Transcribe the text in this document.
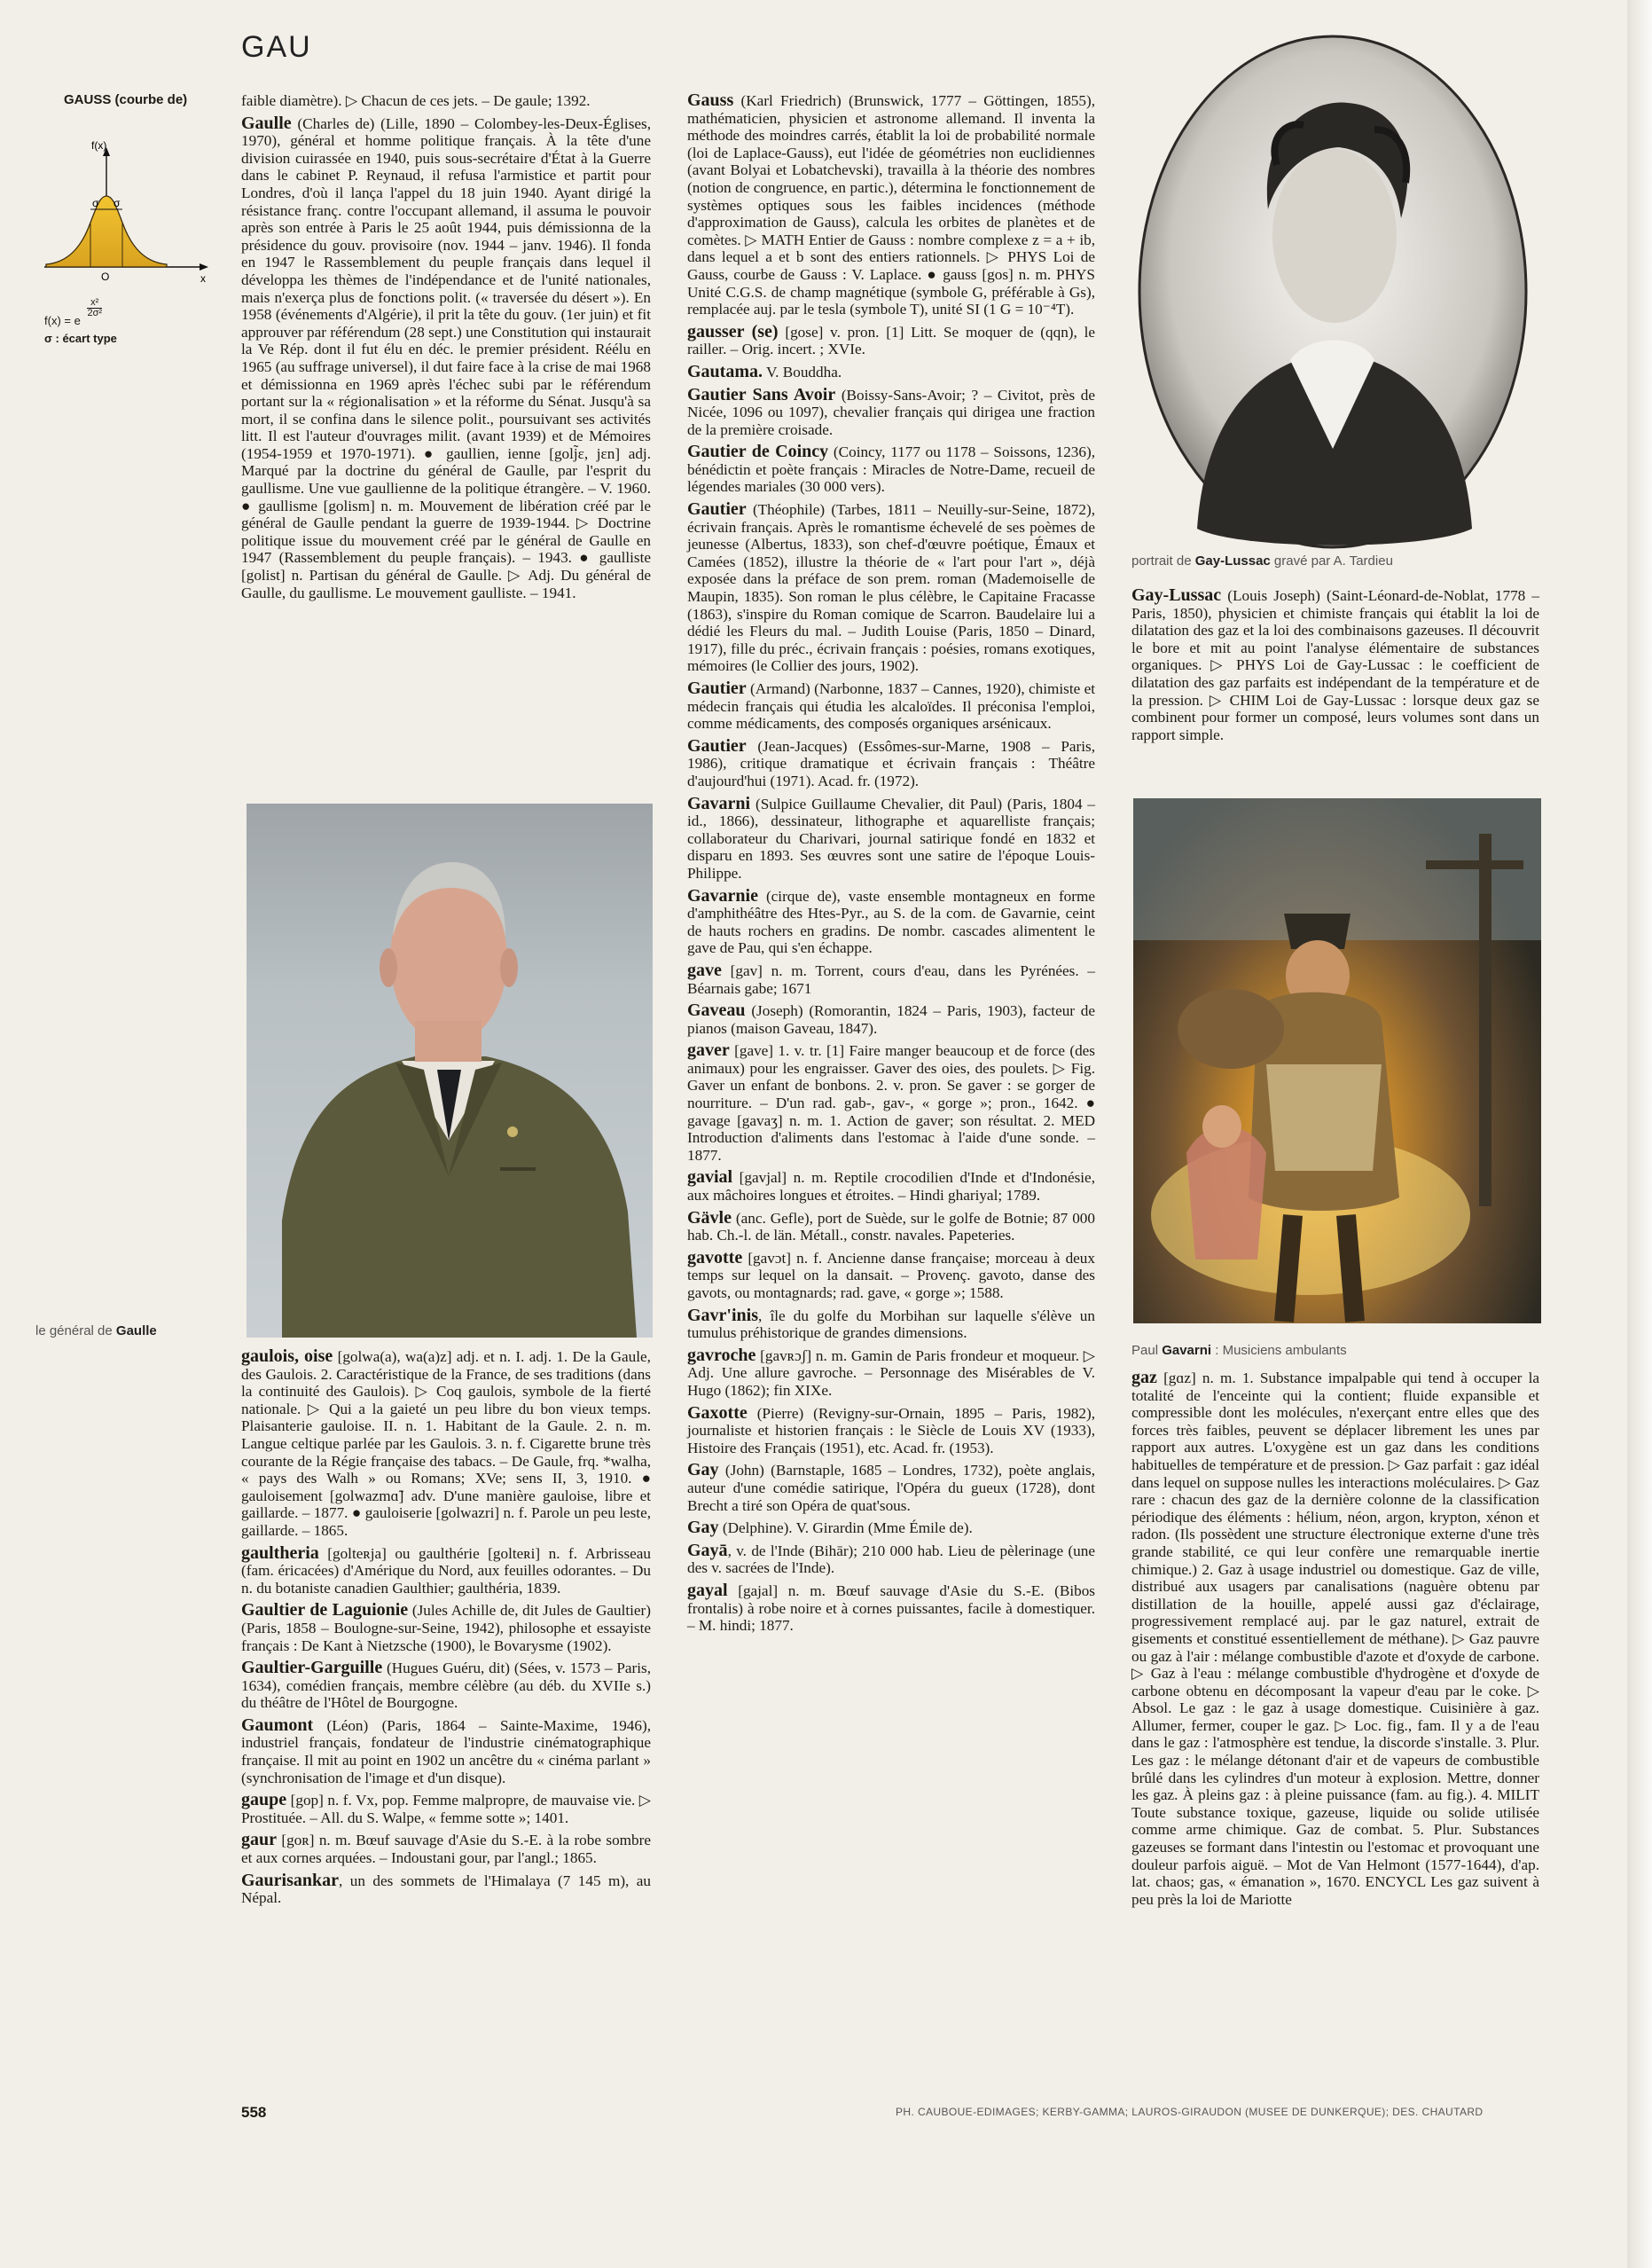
GAU
GAUSS (courbe de)
σ σ
f(x)
x
O
f(x) = e
$\frac{\text{x²}}{\text{2σ²}}$
σ : écart type

faible diamètre). ▷ Chacun de ces jets. – De gaule; 1392.

Gaulle (Charles de) (Lille, 1890 – Colombey-les-Deux-Églises, 1970), général et homme politique français. À la tête d'une division cuirassée en 1940, puis sous-secrétaire d'État à la Guerre dans le cabinet P. Reynaud, il refusa l'armistice et partit pour Londres, d'où il lança l'appel du 18 juin 1940. Ayant dirigé la résistance franç. contre l'occupant allemand, il assuma le pouvoir après son entrée à Paris le 25 août 1944, puis démissionna de la présidence du gouv. provisoire (nov. 1944 – janv. 1946). Il fonda en 1947 le Rassemblement du peuple français dans lequel il développa les thèmes de l'indépendance et de l'unité nationales, mais n'exerça plus de fonctions polit. (« traversée du désert »). En 1958 (événements d'Algérie), il prit la tête du gouv. (1er juin) et fit approuver par référendum (28 sept.) une Constitution qui instaurait la Ve Rép. dont il fut élu en déc. le premier président. Réélu en 1965 (au suffrage universel), il dut faire face à la crise de mai 1968 et démissionna en 1969 après l'échec subi par le référendum portant sur la « régionalisation » et la réforme du Sénat. Jusqu'à sa mort, il se confina dans le silence polit., poursuivant ses activités litt. Il est l'auteur d'ouvrages milit. (avant 1939) et de Mémoires (1954-1959 et 1970-1971). ● gaullien, ienne [golj̃ɛ, jɛn] adj. Marqué par la doctrine du général de Gaulle, par l'esprit du gaullisme. Une vue gaullienne de la politique étrangère. – V. 1960. ● gaullisme [golism] n. m. Mouvement de libération créé par le général de Gaulle pendant la guerre de 1939-1944. ▷ Doctrine politique issue du mouvement créé par le général de Gaulle en 1947 (Rassemblement du peuple français). – 1943. ● gaulliste [golist] n. Partisan du général de Gaulle. ▷ Adj. Du général de Gaulle, du gaullisme. Le mouvement gaulliste. – 1941.

le général de Gaulle

gaulois, oise [golwa(a), wa(a)z] adj. et n. I. adj. 1. De la Gaule, des Gaulois. 2. Caractéristique de la France, de ses traditions (dans la continuité des Gaulois). ▷ Coq gaulois, symbole de la fierté nationale. ▷ Qui a la gaieté un peu libre du bon vieux temps. Plaisanterie gauloise. II. n. 1. Habitant de la Gaule. 2. n. m. Langue celtique parlée par les Gaulois. 3. n. f. Cigarette brune très courante de la Régie française des tabacs. – De Gaule, frq. *walha, « pays des Walh » ou Romans; XVe; sens II, 3, 1910. ● gauloisement [golwazmɑ̃] adv. D'une manière gauloise, libre et gaillarde. – 1877. ● gauloiserie [golwazri] n. f. Parole un peu leste, gaillarde. – 1865.

gaultheria [golteʀja] ou gaulthérie [golteʀi] n. f. Arbrisseau (fam. éricacées) d'Amérique du Nord, aux feuilles odorantes. – Du n. du botaniste canadien Gaulthier; gaulthéria, 1839.

Gaultier de Laguionie (Jules Achille de, dit Jules de Gaultier) (Paris, 1858 – Boulogne-sur-Seine, 1942), philosophe et essayiste français : De Kant à Nietzsche (1900), le Bovarysme (1902).

Gaultier-Garguille (Hugues Guéru, dit) (Sées, v. 1573 – Paris, 1634), comédien français, membre célèbre (au déb. du XVIIe s.) du théâtre de l'Hôtel de Bourgogne.

Gaumont (Léon) (Paris, 1864 – Sainte-Maxime, 1946), industriel français, fondateur de l'industrie cinématographique française. Il mit au point en 1902 un ancêtre du « cinéma parlant » (synchronisation de l'image et d'un disque).

gaupe [gop] n. f. Vx, pop. Femme malpropre, de mauvaise vie. ▷ Prostituée. – All. du S. Walpe, « femme sotte »; 1401.

gaur [goʀ] n. m. Bœuf sauvage d'Asie du S.-E. à la robe sombre et aux cornes arquées. – Indoustani gour, par l'angl.; 1865.

Gaurisankar, un des sommets de l'Himalaya (7 145 m), au Népal.

Gauss (Karl Friedrich) (Brunswick, 1777 – Göttingen, 1855), mathématicien, physicien et astronome allemand. Il inventa la méthode des moindres carrés, établit la loi de probabilité normale (loi de Laplace-Gauss), eut l'idée de géométries non euclidiennes (avant Bolyai et Lobatchevski), travailla à la théorie des nombres (notion de congruence, en partic.), détermina le fonctionnement de systèmes optiques sous les faibles incidences (méthode d'approximation de Gauss), calcula les orbites de planètes et de comètes. ▷ MATH Entier de Gauss : nombre complexe z = a + ib, dans lequel a et b sont des entiers rationnels. ▷ PHYS Loi de Gauss, courbe de Gauss : V. Laplace. ● gauss [gos] n. m. PHYS Unité C.G.S. de champ magnétique (symbole G, préférable à Gs), remplacée auj. par le tesla (symbole T), unité SI (1 G = 10⁻⁴T).

gausser (se) [gose] v. pron. [1] Litt. Se moquer de (qqn), le railler. – Orig. incert. ; XVIe.

Gautama. V. Bouddha.

Gautier Sans Avoir (Boissy-Sans-Avoir; ? – Civitot, près de Nicée, 1096 ou 1097), chevalier français qui dirigea une fraction de la première croisade.

Gautier de Coincy (Coincy, 1177 ou 1178 – Soissons, 1236), bénédictin et poète français : Miracles de Notre-Dame, recueil de légendes mariales (30 000 vers).

Gautier (Théophile) (Tarbes, 1811 – Neuilly-sur-Seine, 1872), écrivain français. Après le romantisme échevelé de ses poèmes de jeunesse (Albertus, 1833), son chef-d'œuvre poétique, Émaux et Camées (1852), illustre la théorie de « l'art pour l'art », déjà exposée dans la préface de son prem. roman (Mademoiselle de Maupin, 1835). Son roman le plus célèbre, le Capitaine Fracasse (1863), s'inspire du Roman comique de Scarron. Baudelaire lui a dédié les Fleurs du mal. – Judith Louise (Paris, 1850 – Dinard, 1917), fille du préc., écrivain français : poésies, romans exotiques, mémoires (le Collier des jours, 1902).

Gautier (Armand) (Narbonne, 1837 – Cannes, 1920), chimiste et médecin français qui étudia les alcaloïdes. Il préconisa l'emploi, comme médicaments, des composés organiques arsénicaux.

Gautier (Jean-Jacques) (Essômes-sur-Marne, 1908 – Paris, 1986), critique dramatique et écrivain français : Théâtre d'aujourd'hui (1971). Acad. fr. (1972).

Gavarni (Sulpice Guillaume Chevalier, dit Paul) (Paris, 1804 – id., 1866), dessinateur, lithographe et aquarelliste français; collaborateur du Charivari, journal satirique fondé en 1832 et disparu en 1893. Ses œuvres sont une satire de l'époque Louis-Philippe.

Gavarnie (cirque de), vaste ensemble montagneux en forme d'amphithéâtre des Htes-Pyr., au S. de la com. de Gavarnie, ceint de hauts rochers en gradins. De nombr. cascades alimentent le gave de Pau, qui s'en échappe.

gave [gav] n. m. Torrent, cours d'eau, dans les Pyrénées. – Béarnais gabe; 1671

Gaveau (Joseph) (Romorantin, 1824 – Paris, 1903), facteur de pianos (maison Gaveau, 1847).

gaver [gave] 1. v. tr. [1] Faire manger beaucoup et de force (des animaux) pour les engraisser. Gaver des oies, des poulets. ▷ Fig. Gaver un enfant de bonbons. 2. v. pron. Se gaver : se gorger de nourriture. – D'un rad. gab-, gav-, « gorge »; pron., 1642. ● gavage [gavaʒ] n. m. 1. Action de gaver; son résultat. 2. MED Introduction d'aliments dans l'estomac à l'aide d'une sonde. – 1877.

gavial [gavjal] n. m. Reptile crocodilien d'Inde et d'Indonésie, aux mâchoires longues et étroites. – Hindi ghariyal; 1789.

Gävle (anc. Gefle), port de Suède, sur le golfe de Botnie; 87 000 hab. Ch.-l. de län. Métall., constr. navales. Papeteries.

gavotte [gavɔt] n. f. Ancienne danse française; morceau à deux temps sur lequel on la dansait. – Provenç. gavoto, danse des gavots, ou montagnards; rad. gave, « gorge »; 1588.

Gavr'inis, île du golfe du Morbihan sur laquelle s'élève un tumulus préhistorique de grandes dimensions.

gavroche [gavʀɔʃ] n. m. Gamin de Paris frondeur et moqueur. ▷ Adj. Une allure gavroche. – Personnage des Misérables de V. Hugo (1862); fin XIXe.

Gaxotte (Pierre) (Revigny-sur-Ornain, 1895 – Paris, 1982), journaliste et historien français : le Siècle de Louis XV (1933), Histoire des Français (1951), etc. Acad. fr. (1953).

Gay (John) (Barnstaple, 1685 – Londres, 1732), poète anglais, auteur d'une comédie satirique, l'Opéra du gueux (1728), dont Brecht a tiré son Opéra de quat'sous.

Gay (Delphine). V. Girardin (Mme Émile de).

Gayā, v. de l'Inde (Bihār); 210 000 hab. Lieu de pèlerinage (une des v. sacrées de l'Inde).

gayal [gajal] n. m. Bœuf sauvage d'Asie du S.-E. (Bibos frontalis) à robe noire et à cornes puissantes, facile à domestiquer. – M. hindi; 1877.

portrait de Gay-Lussac gravé par A. Tardieu

Gay-Lussac (Louis Joseph) (Saint-Léonard-de-Noblat, 1778 – Paris, 1850), physicien et chimiste français qui établit la loi de dilatation des gaz et la loi des combinaisons gazeuses. Il découvrit le bore et mit au point l'analyse élémentaire de substances organiques. ▷ PHYS Loi de Gay-Lussac : le coefficient de dilatation des gaz parfaits est indépendant de la température et de la pression. ▷ CHIM Loi de Gay-Lussac : lorsque deux gaz se combinent pour former un composé, leurs volumes sont dans un rapport simple.

Paul Gavarni : Musiciens ambulants

gaz [gɑz] n. m. 1. Substance impalpable qui tend à occuper la totalité de l'enceinte qui la contient; fluide expansible et compressible dont les molécules, n'exerçant entre elles que des forces très faibles, peuvent se déplacer librement les unes par rapport aux autres. L'oxygène est un gaz dans les conditions habituelles de température et de pression. ▷ Gaz parfait : gaz idéal dans lequel on suppose nulles les interactions moléculaires. ▷ Gaz rare : chacun des gaz de la dernière colonne de la classification périodique des éléments : hélium, néon, argon, krypton, xénon et radon. (Ils possèdent une structure électronique externe d'une très grande stabilité, ce qui leur confère une remarquable inertie chimique.) 2. Gaz à usage industriel ou domestique. Gaz de ville, distribué aux usagers par canalisations (naguère obtenu par distillation de la houille, appelé aussi gaz d'éclairage, progressivement remplacé auj. par le gaz naturel, extrait de gisements et constitué essentiellement de méthane). ▷ Gaz pauvre ou gaz à l'air : mélange combustible d'azote et d'oxyde de carbone. ▷ Gaz à l'eau : mélange combustible d'hydrogène et d'oxyde de carbone obtenu en décomposant la vapeur d'eau par le coke. ▷ Absol. Le gaz : le gaz à usage domestique. Cuisinière à gaz. Allumer, fermer, couper le gaz. ▷ Loc. fig., fam. Il y a de l'eau dans le gaz : l'atmosphère est tendue, la discorde s'installe. 3. Plur. Les gaz : le mélange détonant d'air et de vapeurs de combustible brûlé dans les cylindres d'un moteur à explosion. Mettre, donner les gaz. À pleins gaz : à pleine puissance (fam. au fig.). 4. MILIT Toute substance toxique, gazeuse, liquide ou solide utilisée comme arme chimique. Gaz de combat. 5. Plur. Substances gazeuses se formant dans l'intestin ou l'estomac et provoquant une douleur parfois aiguë. – Mot de Van Helmont (1577-1644), d'ap. lat. chaos; gas, « émanation », 1670. ENCYCL Les gaz suivent à peu près la loi de Mariotte

558	PH. CAUBOUE-EDIMAGES; KERBY-GAMMA; LAUROS-GIRAUDON (MUSEE DE DUNKERQUE); DES. CHAUTARD
